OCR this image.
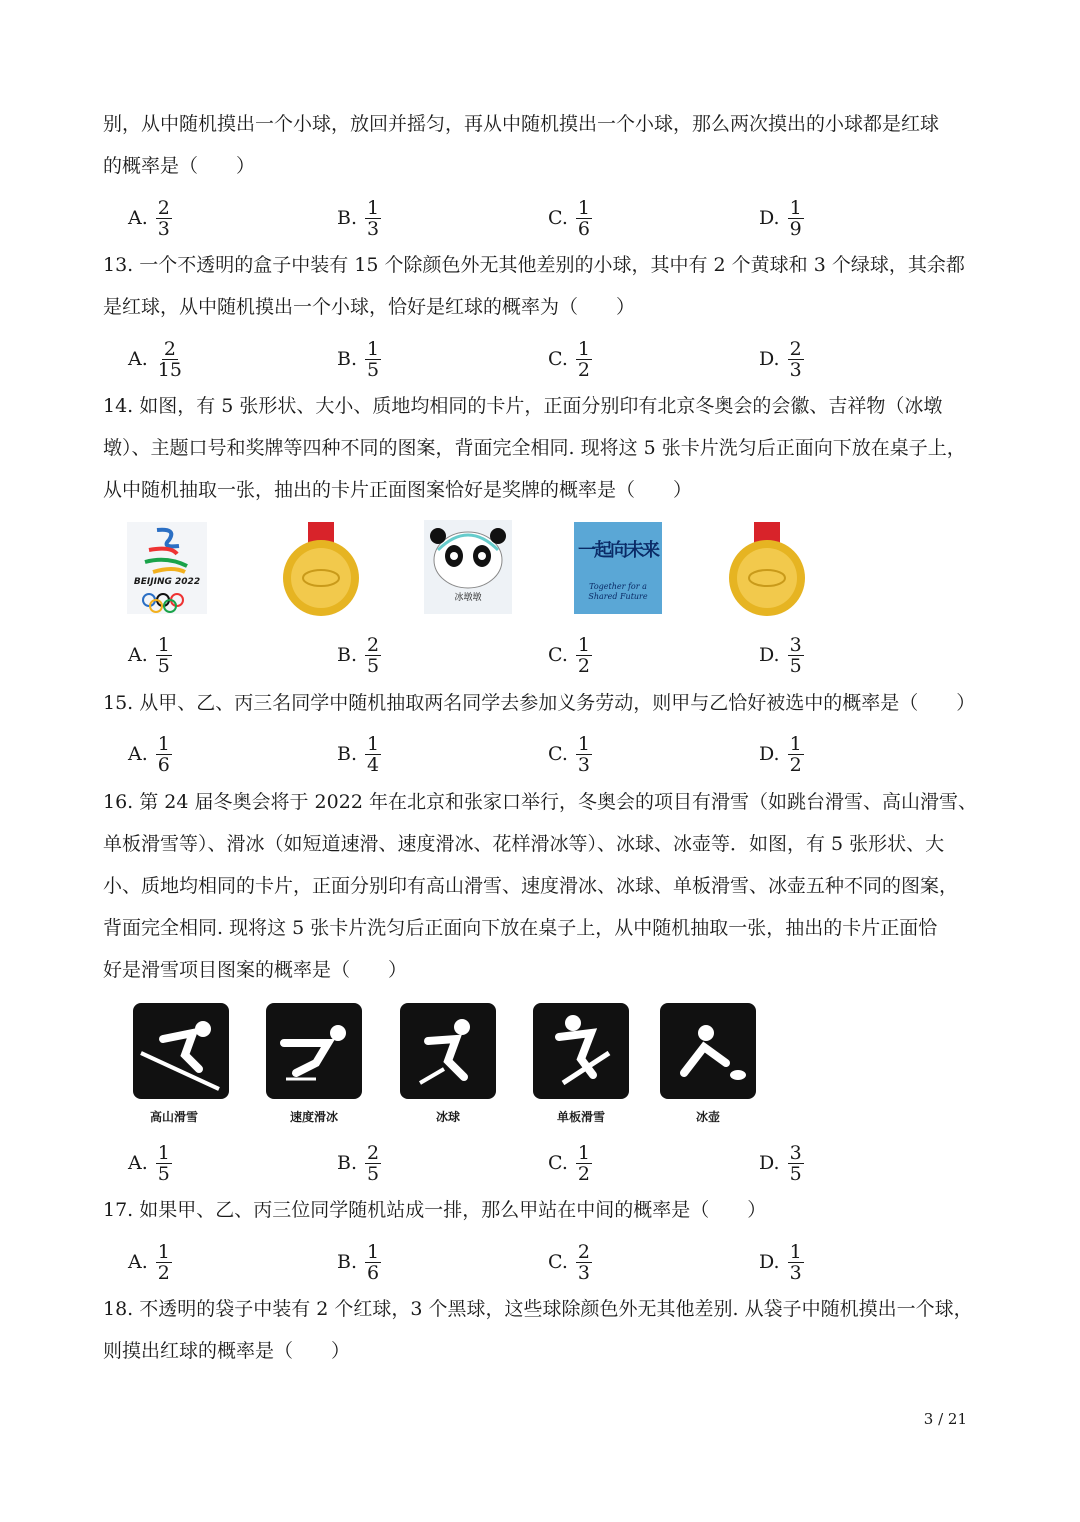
别，从中随机摸出一个小球，放回并摇匀，再从中随机摸出一个小球，那么两次摸出的小球都是红球
的概率是（　　）
A. $\frac{2}{3}$	B. $\frac{1}{3}$	C. $\frac{1}{6}$	D. $\frac{1}{9}$
13. 一个不透明的盒子中装有 15 个除颜色外无其他差别的小球，其中有 2 个黄球和 3 个绿球，其余都
是红球，从中随机摸出一个小球，恰好是红球的概率为（　　）
A. $\frac{2}{15}$	B. $\frac{1}{5}$	C. $\frac{1}{2}$	D. $\frac{2}{3}$
14. 如图，有 5 张形状、大小、质地均相同的卡片，正面分别印有北京冬奥会的会徽、吉祥物（冰墩
墩）、主题口号和奖牌等四种不同的图案，背面完全相同. 现将这 5 张卡片洗匀后正面向下放在桌子上，
从中随机抽取一张，抽出的卡片正面图案恰好是奖牌的概率是（　　）
BEIJING 2022
冰墩墩
一起向未来
Together for a Shared Future
A. $\frac{1}{5}$	B. $\frac{2}{5}$	C. $\frac{1}{2}$	D. $\frac{3}{5}$
15. 从甲、乙、丙三名同学中随机抽取两名同学去参加义务劳动，则甲与乙恰好被选中的概率是（　　）
A. $\frac{1}{6}$	B. $\frac{1}{4}$	C. $\frac{1}{3}$	D. $\frac{1}{2}$
16. 第 24 届冬奥会将于 2022 年在北京和张家口举行，冬奥会的项目有滑雪（如跳台滑雪、高山滑雪、
单板滑雪等）、滑冰（如短道速滑、速度滑冰、花样滑冰等）、冰球、冰壶等．如图，有 5 张形状、大
小、质地均相同的卡片，正面分别印有高山滑雪、速度滑冰、冰球、单板滑雪、冰壶五种不同的图案，
背面完全相同. 现将这 5 张卡片洗匀后正面向下放在桌子上，从中随机抽取一张，抽出的卡片正面恰
好是滑雪项目图案的概率是（　　）
高山滑雪	速度滑冰	冰球	单板滑雪	冰壶
A. $\frac{1}{5}$	B. $\frac{2}{5}$	C. $\frac{1}{2}$	D. $\frac{3}{5}$
17. 如果甲、乙、丙三位同学随机站成一排，那么甲站在中间的概率是（　　）
A. $\frac{1}{2}$	B. $\frac{1}{6}$	C. $\frac{2}{3}$	D. $\frac{1}{3}$
18. 不透明的袋子中装有 2 个红球，3 个黑球，这些球除颜色外无其他差别. 从袋子中随机摸出一个球，
则摸出红球的概率是（　　）
3 / 21
